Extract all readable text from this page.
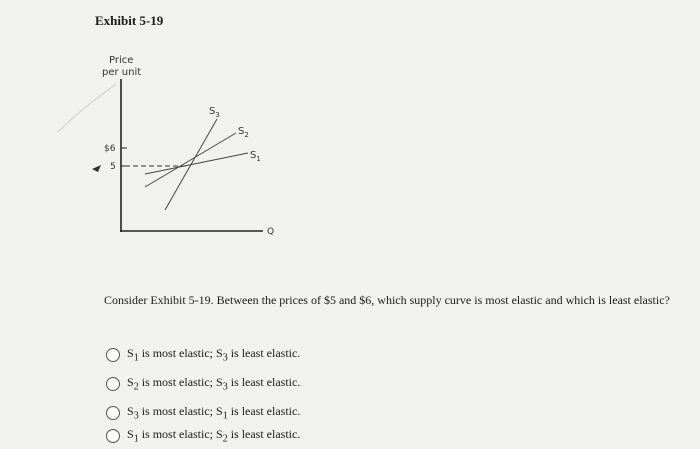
Exhibit 5-19
Price
per unit
Q
$6
5
$S_3$
$S_2$
$S_1$
Consider Exhibit 5-19. Between the prices of $5 and $6, which supply curve is most elastic and which is least elastic?
$S_1$ is most elastic; $S_3$ is least elastic.
$S_2$ is most elastic; $S_3$ is least elastic.
$S_3$ is most elastic; $S_1$ is least elastic.
$S_1$ is most elastic; $S_2$ is least elastic.
